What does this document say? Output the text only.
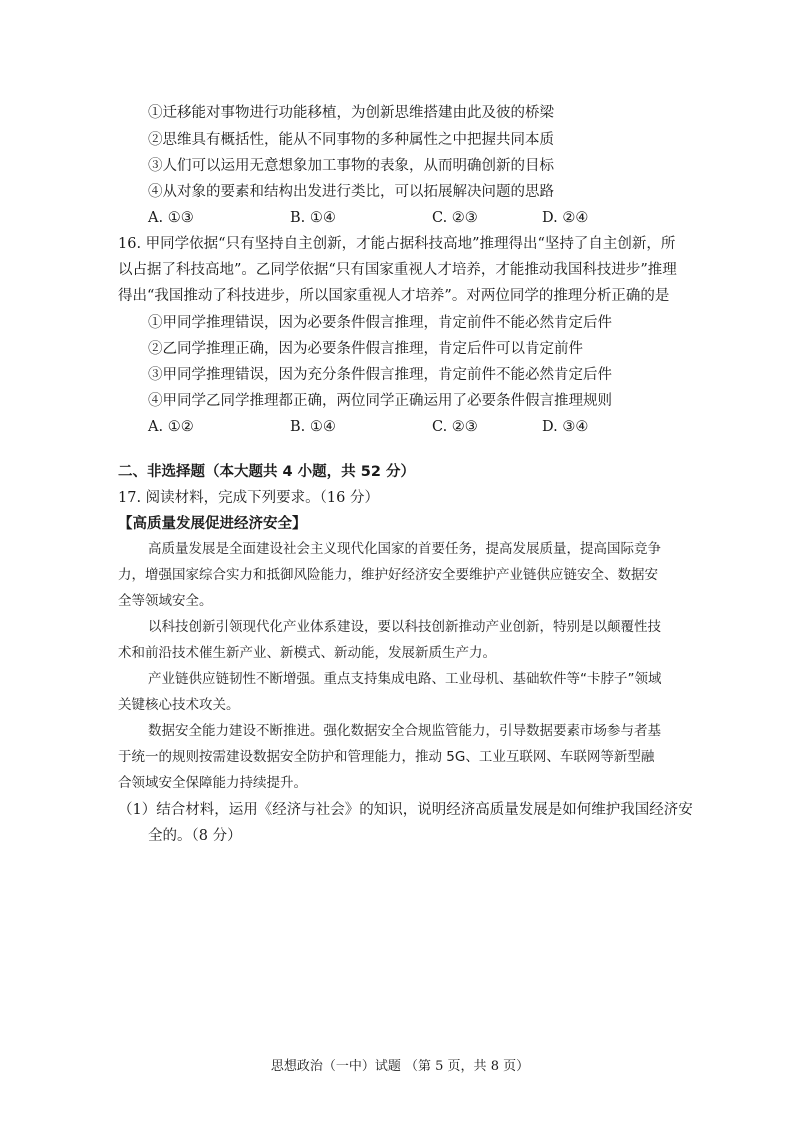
①迁移能对事物进行功能移植，为创新思维搭建由此及彼的桥梁
②思维具有概括性，能从不同事物的多种属性之中把握共同本质
③人们可以运用无意想象加工事物的表象，从而明确创新的目标
④从对象的要素和结构出发进行类比，可以拓展解决问题的思路
A. ①③	B. ①④	C. ②③	D. ②④
16. 甲同学依据“只有坚持自主创新，才能占据科技高地”推理得出“坚持了自主创新，所
以占据了科技高地”。乙同学依据“只有国家重视人才培养，才能推动我国科技进步”推理
得出“我国推动了科技进步，所以国家重视人才培养”。对两位同学的推理分析正确的是
①甲同学推理错误，因为必要条件假言推理，肯定前件不能必然肯定后件
②乙同学推理正确，因为必要条件假言推理，肯定后件可以肯定前件
③甲同学推理错误，因为充分条件假言推理，肯定前件不能必然肯定后件
④甲同学乙同学推理都正确，两位同学正确运用了必要条件假言推理规则
A. ①②	B. ①④	C. ②③	D. ③④
二、非选择题（本大题共 4 小题，共 52 分）
17. 阅读材料，完成下列要求。（16 分）
【高质量发展促进经济安全】
高质量发展是全面建设社会主义现代化国家的首要任务，提高发展质量，提高国际竞争
力，增强国家综合实力和抵御风险能力，维护好经济安全要维护产业链供应链安全、数据安
全等领域安全。
以科技创新引领现代化产业体系建设，要以科技创新推动产业创新，特别是以颠覆性技
术和前沿技术催生新产业、新模式、新动能，发展新质生产力。
产业链供应链韧性不断增强。重点支持集成电路、工业母机、基础软件等“卡脖子”领域
关键核心技术攻关。
数据安全能力建设不断推进。强化数据安全合规监管能力，引导数据要素市场参与者基
于统一的规则按需建设数据安全防护和管理能力，推动 5G、工业互联网、车联网等新型融
合领域安全保障能力持续提升。
（1）结合材料，运用《经济与社会》的知识，说明经济高质量发展是如何维护我国经济安
全的。（8 分）
思想政治（一中）试题 （第 5 页，共 8 页）
